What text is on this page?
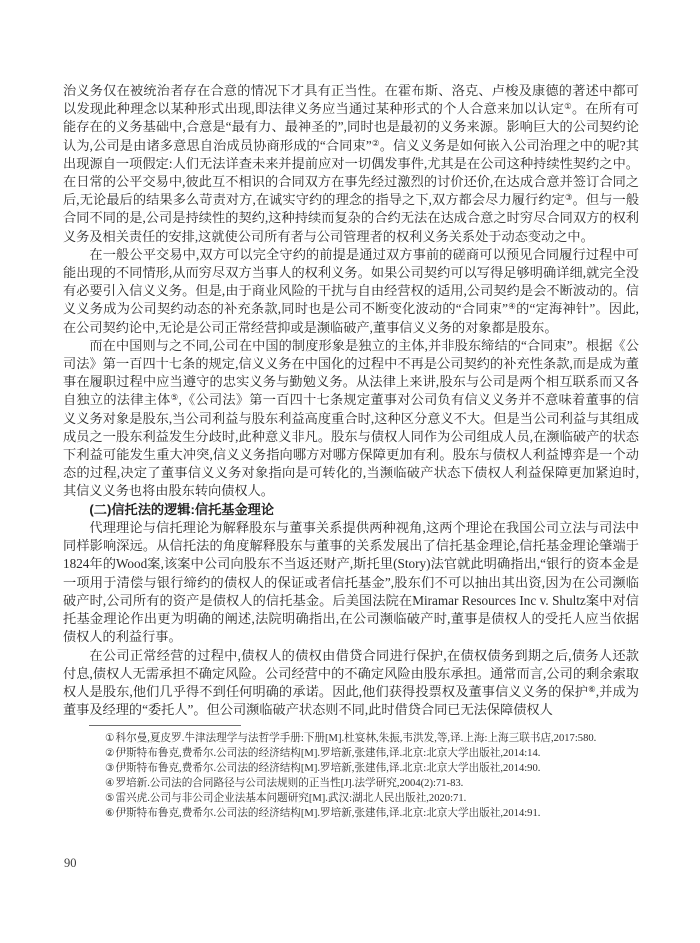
治义务仅在被统治者存在合意的情况下才具有正当性。在霍布斯、洛克、卢梭及康德的著述中都可以发现此种理念以某种形式出现,即法律义务应当通过某种形式的个人合意来加以认定①。在所有可能存在的义务基础中,合意是“最有力、最神圣的”,同时也是最初的义务来源。影响巨大的公司契约论认为,公司是由诸多意思自治成员协商形成的“合同束”②。信义义务是如何嵌入公司治理之中的呢?其出现源自一项假定:人们无法详查未来并提前应对一切偶发事件,尤其是在公司这种持续性契约之中。在日常的公平交易中,彼此互不相识的合同双方在事先经过激烈的讨价还价,在达成合意并签订合同之后,无论最后的结果多么苛责对方,在诚实守约的理念的指导之下,双方都会尽力履行约定③。但与一般合同不同的是,公司是持续性的契约,这种持续而复杂的合约无法在达成合意之时穷尽合同双方的权利义务及相关责任的安排,这就使公司所有者与公司管理者的权利义务关系处于动态变动之中。

在一般公平交易中,双方可以完全守约的前提是通过双方事前的磋商可以预见合同履行过程中可能出现的不同情形,从而穷尽双方当事人的权利义务。如果公司契约可以写得足够明确详细,就完全没有必要引入信义义务。但是,由于商业风险的干扰与自由经营权的适用,公司契约是会不断波动的。信义义务成为公司契约动态的补充条款,同时也是公司不断变化波动的“合同束”④的“定海神针”。因此,在公司契约论中,无论是公司正常经营抑或是濒临破产,董事信义义务的对象都是股东。

而在中国则与之不同,公司在中国的制度形象是独立的主体,并非股东缔结的“合同束”。根据《公司法》第一百四十七条的规定,信义义务在中国化的过程中不再是公司契约的补充性条款,而是成为董事在履职过程中应当遵守的忠实义务与勤勉义务。从法律上来讲,股东与公司是两个相互联系而又各自独立的法律主体⑤,《公司法》第一百四十七条规定董事对公司负有信义义务并不意味着董事的信义义务对象是股东,当公司利益与股东利益高度重合时,这种区分意义不大。但是当公司利益与其组成成员之一股东利益发生分歧时,此种意义非凡。股东与债权人同作为公司组成人员,在濒临破产的状态下利益可能发生重大冲突,信义义务指向哪方对哪方保障更加有利。股东与债权人利益博弈是一个动态的过程,决定了董事信义义务对象指向是可转化的,当濒临破产状态下债权人利益保障更加紧迫时,其信义义务也将由股东转向债权人。

(二)信托法的逻辑:信托基金理论

代理理论与信托理论为解释股东与董事关系提供两种视角,这两个理论在我国公司立法与司法中同样影响深远。从信托法的角度解释股东与董事的关系发展出了信托基金理论,信托基金理论肇端于1824年的Wood案,该案中公司向股东不当返还财产,斯托里(Story)法官就此明确指出,“银行的资本金是一项用于清偿与银行缔约的债权人的保证或者信托基金”,股东们不可以抽出其出资,因为在公司濒临破产时,公司所有的资产是债权人的信托基金。后美国法院在Miramar Resources Inc v. Shultz案中对信托基金理论作出更为明确的阐述,法院明确指出,在公司濒临破产时,董事是债权人的受托人应当依据债权人的利益行事。

在公司正常经营的过程中,债权人的债权由借贷合同进行保护,在债权债务到期之后,债务人还款付息,债权人无需承担不确定风险。公司经营中的不确定风险由股东承担。通常而言,公司的剩余索取权人是股东,他们几乎得不到任何明确的承诺。因此,他们获得投票权及董事信义义务的保护⑥,并成为董事及经理的“委托人”。但公司濒临破产状态则不同,此时借贷合同已无法保障债权人

①科尔曼,夏皮罗.牛津法理学与法哲学手册:下册[M].杜宴林,朱振,韦洪发,等,译.上海:上海三联书店,2017:580.

②伊斯特布鲁克,费希尔.公司法的经济结构[M].罗培新,张建伟,译.北京:北京大学出版社,2014:14.

③伊斯特布鲁克,费希尔.公司法的经济结构[M].罗培新,张建伟,译.北京:北京大学出版社,2014:90.

④罗培新.公司法的合同路径与公司法规则的正当性[J].法学研究,2004(2):71-83.

⑤雷兴虎.公司与非公司企业法基本问题研究[M].武汉:湖北人民出版社,2020:71.

⑥伊斯特布鲁克,费希尔.公司法的经济结构[M].罗培新,张建伟,译.北京:北京大学出版社,2014:91.

90
